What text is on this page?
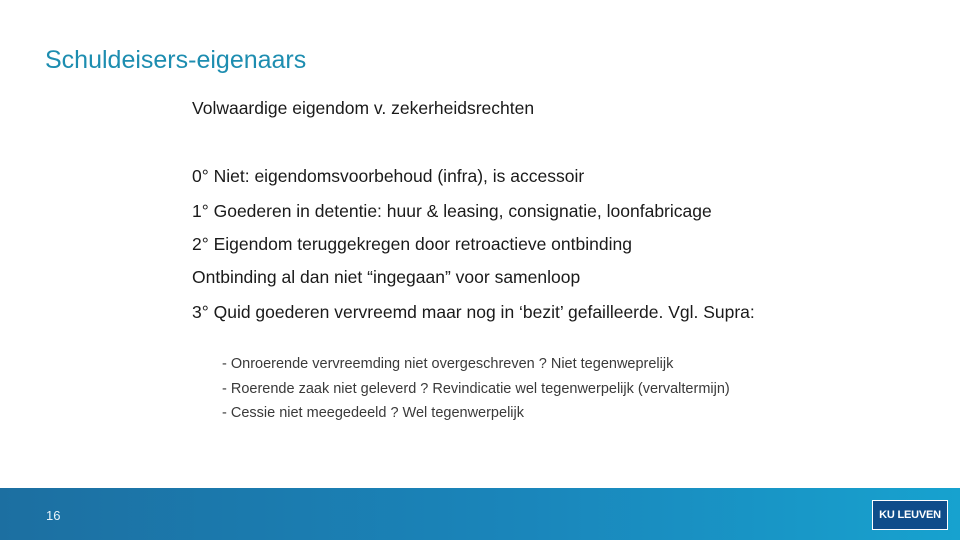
Schuldeisers-eigenaars

Volwaardige eigendom v. zekerheidsrechten

0° Niet: eigendomsvoorbehoud (infra), is accessoir

1° Goederen in detentie: huur & leasing, consignatie, loonfabricage

2° Eigendom teruggekregen door retroactieve ontbinding

Ontbinding al dan niet “ingegaan” voor samenloop

3° Quid goederen vervreemd maar nog in ‘bezit’ gefailleerde. Vgl. Supra:

- Onroerende vervreemding niet overgeschreven ? Niet tegenweprelijk
- Roerende zaak niet geleverd ? Revindicatie wel tegenwerpelijk (vervaltermijn)
- Cessie niet meegedeeld ? Wel tegenwerpelijk
16	KU LEUVEN
